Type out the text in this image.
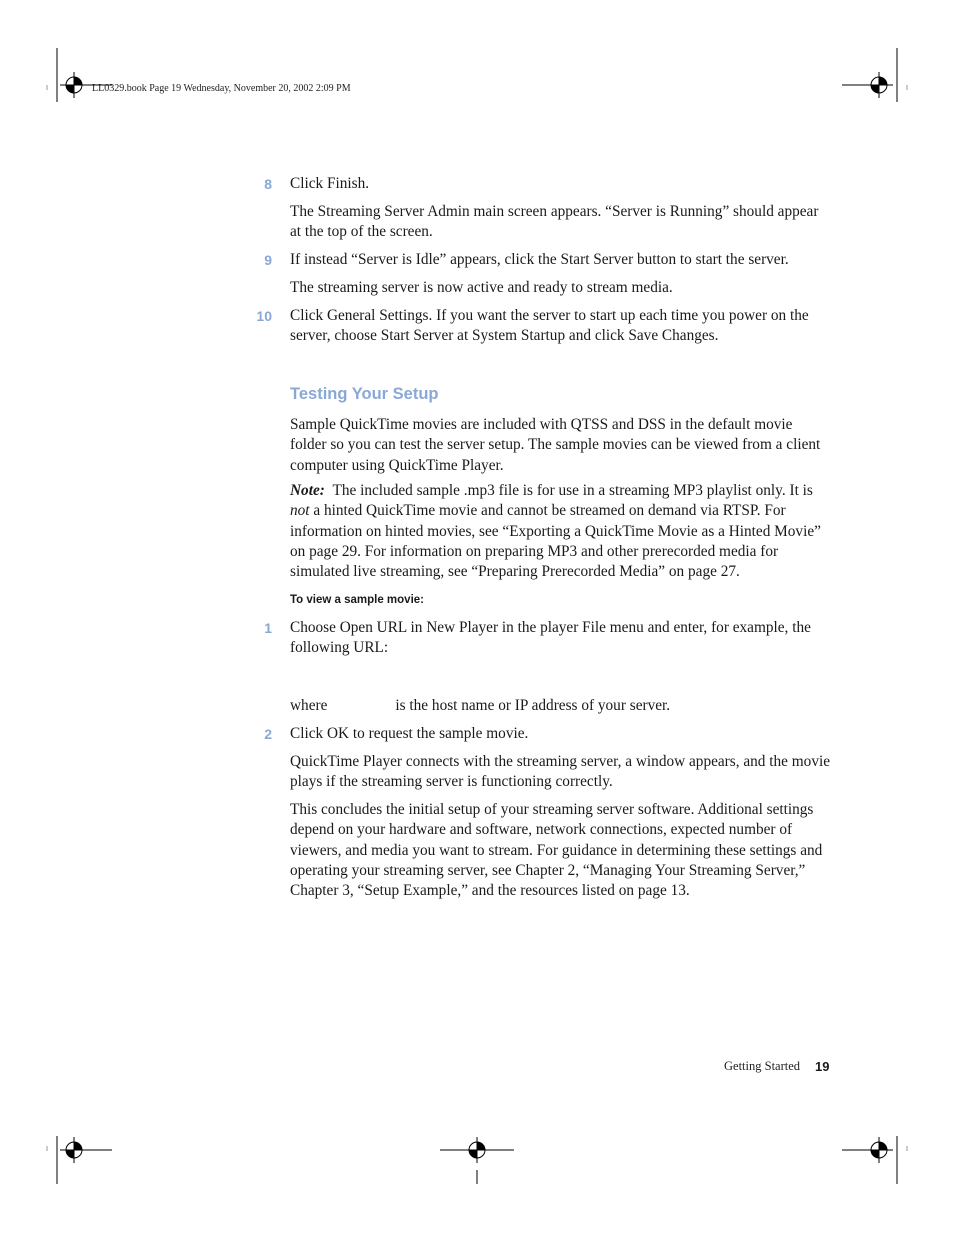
LL0329.book Page 19 Wednesday, November 20, 2002 2:09 PM
8 Click Finish.
The Streaming Server Admin main screen appears. “Server is Running” should appear at the top of the screen.
9 If instead “Server is Idle” appears, click the Start Server button to start the server.
The streaming server is now active and ready to stream media.
10 Click General Settings. If you want the server to start up each time you power on the server, choose Start Server at System Startup and click Save Changes.
Testing Your Setup
Sample QuickTime movies are included with QTSS and DSS in the default movie folder so you can test the server setup. The sample movies can be viewed from a client computer using QuickTime Player.
Note: The included sample .mp3 file is for use in a streaming MP3 playlist only. It is not a hinted QuickTime movie and cannot be streamed on demand via RTSP. For information on hinted movies, see “Exporting a QuickTime Movie as a Hinted Movie” on page 29. For information on preparing MP3 and other prerecorded media for simulated live streaming, see “Preparing Prerecorded Media” on page 27.
To view a sample movie:
1 Choose Open URL in New Player in the player File menu and enter, for example, the following URL:
where	is the host name or IP address of your server.
2 Click OK to request the sample movie.
QuickTime Player connects with the streaming server, a window appears, and the movie plays if the streaming server is functioning correctly.
This concludes the initial setup of your streaming server software. Additional settings depend on your hardware and software, network connections, expected number of viewers, and media you want to stream. For guidance in determining these settings and operating your streaming server, see Chapter 2, “Managing Your Streaming Server,” Chapter 3, “Setup Example,” and the resources listed on page 13.
Getting Started 19
